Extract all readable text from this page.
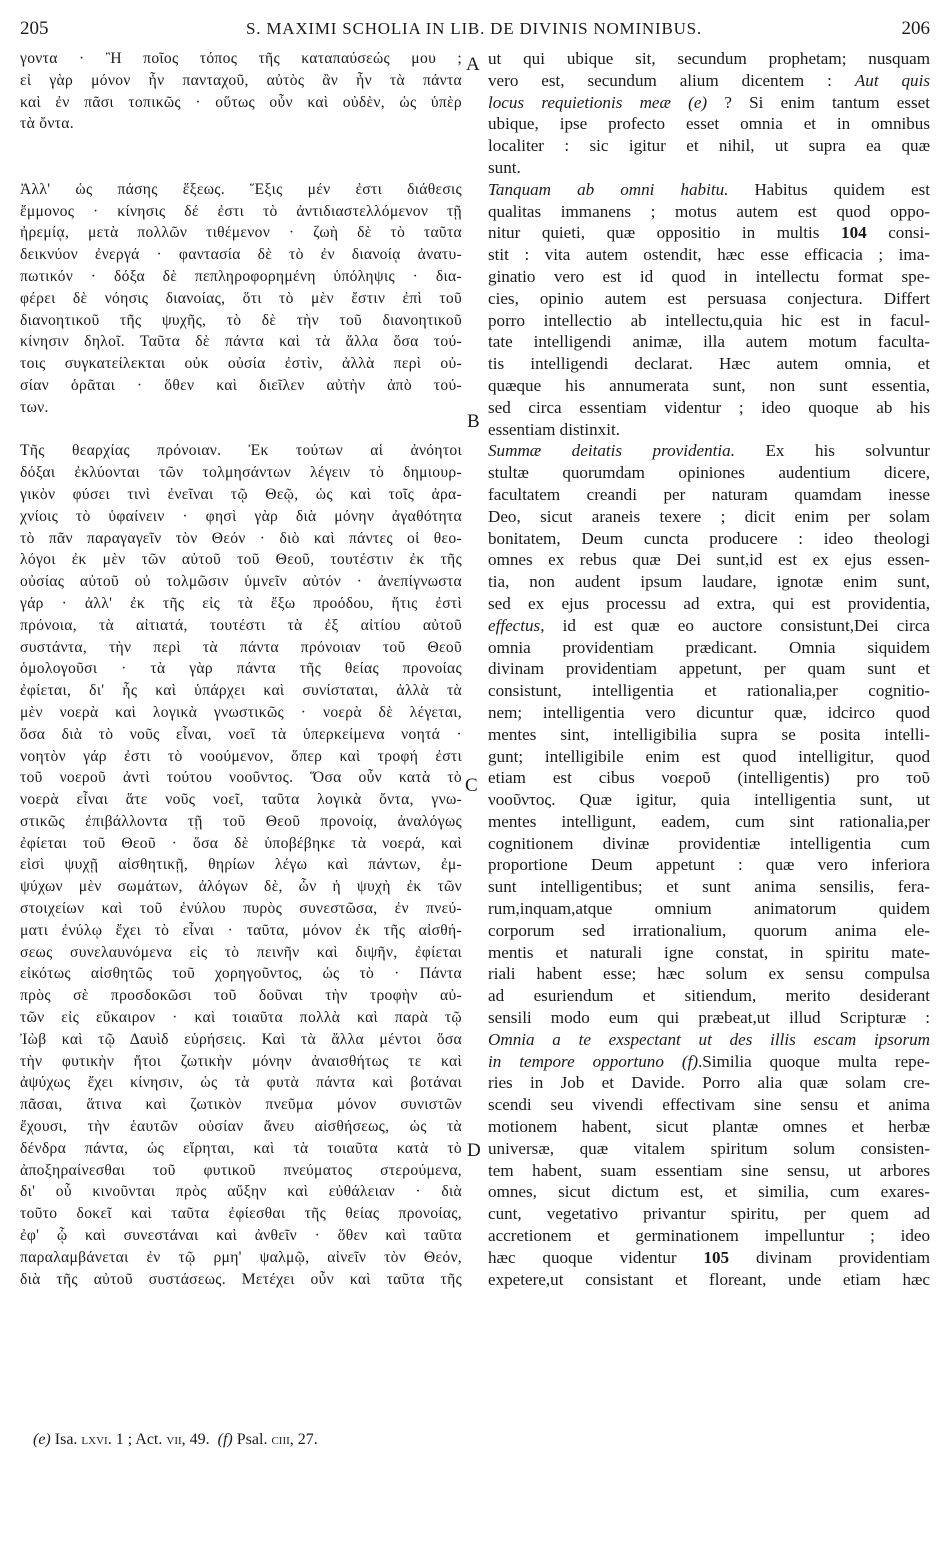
205	S. MAXIMI SCHOLIA IN LIB. DE DIVINIS NOMINIBUS.	206
γοντα · Ἢ ποῖος τόπος τῆς καταπαύσεώς μου ;
εἰ γὰρ μόνον ἦν πανταχοῦ, αὐτὸς ἂν ἦν τὰ πάντα
καὶ ἐν πᾶσι τοπικῶς · οὕτως οὖν καὶ οὐδὲν, ὡς ὑπὲρ
τὰ ὄντα.
Ἀλλ' ὡς πάσης ἕξεως. Ἕξις μέν ἐστι διάθεσις
ἔμμονος · κίνησις δέ ἐστι τὸ ἀντιδιαστελλόμενον τῇ
ἠρεμίᾳ, μετὰ πολλῶν τιθέμενον · ζωὴ δὲ τὸ ταῦτα
δεικνύον ἐνεργά · φαντασία δὲ τὸ ἐν διανοίᾳ ἀνατυ-
πωτικόν · δόξα δὲ πεπληροφορημένη ὑπόληψις · δια-
φέρει δὲ νόησις διανοίας, ὅτι τὸ μὲν ἔστιν ἐπὶ τοῦ
διανοητικοῦ τῆς ψυχῆς, τὸ δὲ τὴν τοῦ διανοητικοῦ
κίνησιν δηλοῖ. Ταῦτα δὲ πάντα καὶ τὰ ἄλλα ὅσα τού-
τοις συγκατείλεκται οὐκ οὐσία ἐστὶν, ἀλλὰ περὶ οὐ-
σίαν ὁρᾶται · ὅθεν καὶ διεῖλεν αὐτὴν ἀπὸ τού-
των.
Τῆς θεαρχίας πρόνοιαν. Ἐκ τούτων αἱ ἀνόητοι
δόξαι ἐκλύονται τῶν τολμησάντων λέγειν τὸ δημιουρ-
γικὸν φύσει τινὶ ἐνεῖναι τῷ Θεῷ, ὡς καὶ τοῖς ἀρα-
χνίοις τὸ ὑφαίνειν · φησὶ γὰρ διὰ μόνην ἀγαθότητα
τὸ πᾶν παραγαγεῖν τὸν Θεόν · διὸ καὶ πάντες οἱ θεο-
λόγοι ἐκ μὲν τῶν αὐτοῦ τοῦ Θεοῦ, τουτέστιν ἐκ τῆς
οὐσίας αὐτοῦ οὐ τολμῶσιν ὑμνεῖν αὐτόν · ἀνεπίγνωστα
γάρ · ἀλλ' ἐκ τῆς εἰς τὰ ἔξω προόδου, ἥτις ἐστὶ
πρόνοια, τὰ αἰτιατά, τουτέστι τὰ ἐξ αἰτίου αὐτοῦ
συστάντα, τὴν περὶ τὰ πάντα πρόνοιαν τοῦ Θεοῦ
ὁμολογοῦσι · τὰ γὰρ πάντα τῆς θείας προνοίας
ἐφίεται, δι' ἧς καὶ ὑπάρχει καὶ συνίσταται, ἀλλὰ τὰ
μὲν νοερὰ καὶ λογικὰ γνωστικῶς · νοερὰ δὲ λέγεται,
ὅσα διὰ τὸ νοῦς εἶναι, νοεῖ τὰ ὑπερκείμενα νοητά ·
νοητὸν γάρ ἐστι τὸ νοούμενον, ὅπερ καὶ τροφή ἐστι
τοῦ νοεροῦ ἀντὶ τούτου νοοῦντος. Ὅσα οὖν κατὰ τὸ
νοερὰ εἶναι ἅτε νοῦς νοεῖ, ταῦτα λογικὰ ὄντα, γνω-
στικῶς ἐπιβάλλοντα τῇ τοῦ Θεοῦ προνοίᾳ, ἀναλόγως
ἐφίεται τοῦ Θεοῦ · ὅσα δὲ ὑποβέβηκε τὰ νοερά, καὶ
εἰσὶ ψυχῇ αἰσθητικῇ, θηρίων λέγω καὶ πάντων, ἐμ-
ψύχων μὲν σωμάτων, ἀλόγων δὲ, ὧν ἡ ψυχὴ ἐκ τῶν
στοιχείων καὶ τοῦ ἐνύλου πυρὸς συνεστῶσα, ἐν πνεύ-
ματι ἐνύλῳ ἔχει τὸ εἶναι · ταῦτα, μόνον ἐκ τῆς αἰσθή-
σεως συνελαυνόμενα εἰς τὸ πεινῆν καὶ διψῆν, ἐφίεται
εἰκότως αἰσθητῶς τοῦ χορηγοῦντος, ὡς τὸ · Πάντα
πρὸς σὲ προσδοκῶσι τοῦ δοῦναι τὴν τροφὴν αὐ-
τῶν εἰς εὔκαιρον · καὶ τοιαῦτα πολλὰ καὶ παρὰ τῷ
Ἰὼβ καὶ τῷ Δαυὶδ εὑρήσεις. Καὶ τὰ ἄλλα μέντοι ὅσα
τὴν φυτικὴν ἤτοι ζωτικὴν μόνην ἀναισθήτως τε καὶ
ἀψύχως ἔχει κίνησιν, ὡς τὰ φυτὰ πάντα καὶ βοτάναι
πᾶσαι, ἅτινα καὶ ζωτικὸν πνεῦμα μόνον συνιστῶν
ἔχουσι, τὴν ἑαυτῶν οὐσίαν ἄνευ αἰσθήσεως, ὡς τὰ
δένδρα πάντα, ὡς εἴρηται, καὶ τὰ τοιαῦτα κατὰ τὸ
ἀποξηραίνεσθαι τοῦ φυτικοῦ πνεύματος στερούμενα,
δι' οὗ κινοῦνται πρὸς αὔξην καὶ εὐθάλειαν · διὰ
τοῦτο δοκεῖ καὶ ταῦτα ἐφίεσθαι τῆς θείας προνοίας,
ἐφ' ᾧ καὶ συνεστάναι καὶ ἀνθεῖν · ὅθεν καὶ ταῦτα
παραλαμβάνεται ἐν τῷ ρμη' ψαλμῷ, αἰνεῖν τὸν Θεόν,
διὰ τῆς αὐτοῦ συστάσεως. Μετέχει οὖν καὶ ταῦτα τῆς
ut qui ubique sit, secundum prophetam; nusquam
vero est, secundum alium dicentem : Aut quis
locus requietionis meæ (e) ? Si enim tantum esset
ubique, ipse profecto esset omnia et in omnibus
localiter : sic igitur et nihil, ut supra ea quæ
sunt.
Tanquam ab omni habitu. Habitus quidem est
qualitas immanens ; motus autem est quod oppo-
nitur quieti, quæ oppositio in multis 104 consi-
stit : vita autem ostendit, hæc esse efficacia ; ima-
ginatio vero est id quod in intellectu format spe-
cies, opinio autem est persuasa conjectura. Differt
porro intellectio ab intellectu,quia hic est in facul-
tate intelligendi animæ, illa autem motum faculta-
tis intelligendi declarat. Hæc autem omnia, et
quæque his annumerata sunt, non sunt essentia,
sed circa essentiam videntur ; ideo quoque ab his
essentiam distinxit.
Summæ deitatis providentia. Ex his solvuntur
stultæ quorumdam opiniones audentium dicere,
facultatem creandi per naturam quamdam inesse
Deo, sicut araneis texere ; dicit enim per solam
bonitatem, Deum cuncta producere : ideo theologi
omnes ex rebus quæ Dei sunt,id est ex ejus essen-
tia, non audent ipsum laudare, ignotæ enim sunt,
sed ex ejus processu ad extra, qui est providentia,
effectus, id est quæ eo auctore consistunt,Dei circa
omnia providentiam prædicant. Omnia siquidem
divinam providentiam appetunt, per quam sunt et
consistunt, intelligentia et rationalia,per cognitio-
nem; intelligentia vero dicuntur quæ, idcirco quod
mentes sint, intelligibilia supra se posita intelli-
gunt; intelligibile enim est quod intelligitur, quod
etiam est cibus νοεροῦ (intelligentis) pro τοῦ
νοοῦντος. Quæ igitur, quia intelligentia sunt, ut
mentes intelligunt, eadem, cum sint rationalia,per
cognitionem divinæ providentiæ intelligentia cum
proportione Deum appetunt : quæ vero inferiora
sunt intelligentibus; et sunt anima sensilis, fera-
rum,inquam,atque omnium animatorum quidem
corporum sed irrationalium, quorum anima ele-
mentis et naturali igne constat, in spiritu mate-
riali habent esse; hæc solum ex sensu compulsa
ad esuriendum et sitiendum, merito desiderant
sensili modo eum qui præbeat,ut illud Scripturæ :
Omnia a te exspectant ut des illis escam ipsorum
in tempore opportuno (f).Similia quoque multa repe-
ries in Job et Davide. Porro alia quæ solam cre-
scendi seu vivendi effectivam sine sensu et anima
motionem habent, sicut plantæ omnes et herbæ
universæ, quæ vitalem spiritum solum consisten-
tem habent, suam essentiam sine sensu, ut arbores
omnes, sicut dictum est, et similia, cum exares-
cunt, vegetativo privantur spiritu, per quem ad
accretionem et germinationem impelluntur ; ideo
hæc quoque videntur 105 divinam providentiam
expetere,ut consistant et floreant, unde etiam hæc
A
B
C
D
(e) Isa. lxvi. 1 ; Act. vii, 49.  (f) Psal. ciii, 27.
